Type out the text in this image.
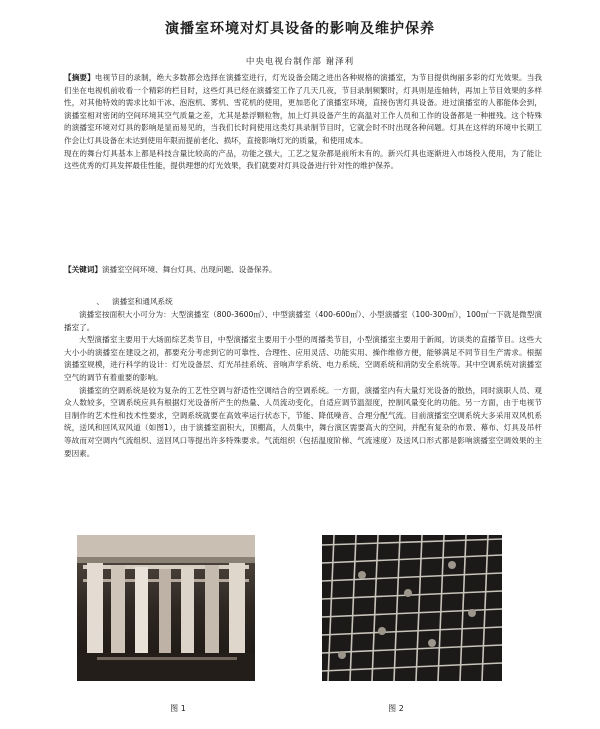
演播室环境对灯具设备的影响及维护保养
中央电视台制作部 谢泽利
【摘要】电视节目的录制，绝大多数都会选择在演播室进行，灯光设备会随之进出各种规格的演播室，为节目提供绚丽多彩的灯光效果。当我们坐在电视机前收看一个精彩的栏目时，这些灯具已经在演播室工作了几天几夜，节目录制频繁时，灯具则是连轴转，再加上节目效果的多样性，对其他特效的需求比如干冰、泡泡机、雾机、雪花机的使用，更加恶化了演播室环境，直接伤害灯具设备。进过演播室的人都能体会到，演播室相对密闭的空间环境其空气质量之差，尤其是悬浮颗粒物，加上灯具设备产生的高温对工作人员和工作的设备都是一种摧残。这个特殊的演播室环境对灯具的影响是显而易见的，当我们长时间使用这类灯具录制节目时，它就会时不时出现各种问题。灯具在这样的环境中长期工作会让灯具设备在未达到使用年限而提前老化、损坏，直接影响灯光的质量，和使用成本。
现在的舞台灯具基本上都是科技含量比较高的产品，功能之强大，工艺之复杂都是前所未有的。新兴灯具也逐渐进入市场投入使用，为了能让这些优秀的灯具发挥最佳性能，提供理想的灯光效果，我们就要对灯具设备进行针对性的维护保养。
【关键词】演播室空间环境、舞台灯具、出现问题、设备保养。
、 演播室和通风系统
演播室按面积大小可分为：大型演播室（800-3600㎡）、中型演播室（400-600㎡）、小型演播室（100-300㎡），100㎡一下就是微型演播室了。
大型演播室主要用于大场面综艺类节目，中型演播室主要用于小型的周播类节目，小型演播室主要用于新闻，访谈类的直播节目。这些大大小小的演播室在建设之初，都要充分考虑到它的可靠性、合理性、应用灵活、功能实用、操作维修方便，能够满足不同节目生产需求。根据演播室规模，进行科学的设计：灯光设备层、灯光吊挂系统、音响声学系统、电力系统、空调系统和消防安全系统等。其中空调系统对演播室空气的调节有着重要的影响。
演播室的空调系统是较为复杂的工艺性空调与舒适性空调结合的空调系统。一方面，演播室内有大量灯光设备的散热，同时演职人员、观众人数较多，空调系统应具有根据灯光设备所产生的热量、人员流动变化，自适应调节温湿度，控制风量变化的功能。另一方面，由于电视节目制作的艺术性和技术性要求，空调系统就要在高效率运行状态下，节能、降低噪音、合理分配气流。目前演播室空调系统大多采用双风机系统，送风和回风双风道（如图1），由于演播室面积大，顶棚高，人员集中，舞台演区需要高大的空间，并配有复杂的布景、幕布、灯具及吊杆等故而对空调内气流组织、送回风口等提出许多特殊要求。气流组织（包括温度阶梯、气流速度）及送风口形式都是影响演播室空调效果的主要因素。
图 1	图 2
